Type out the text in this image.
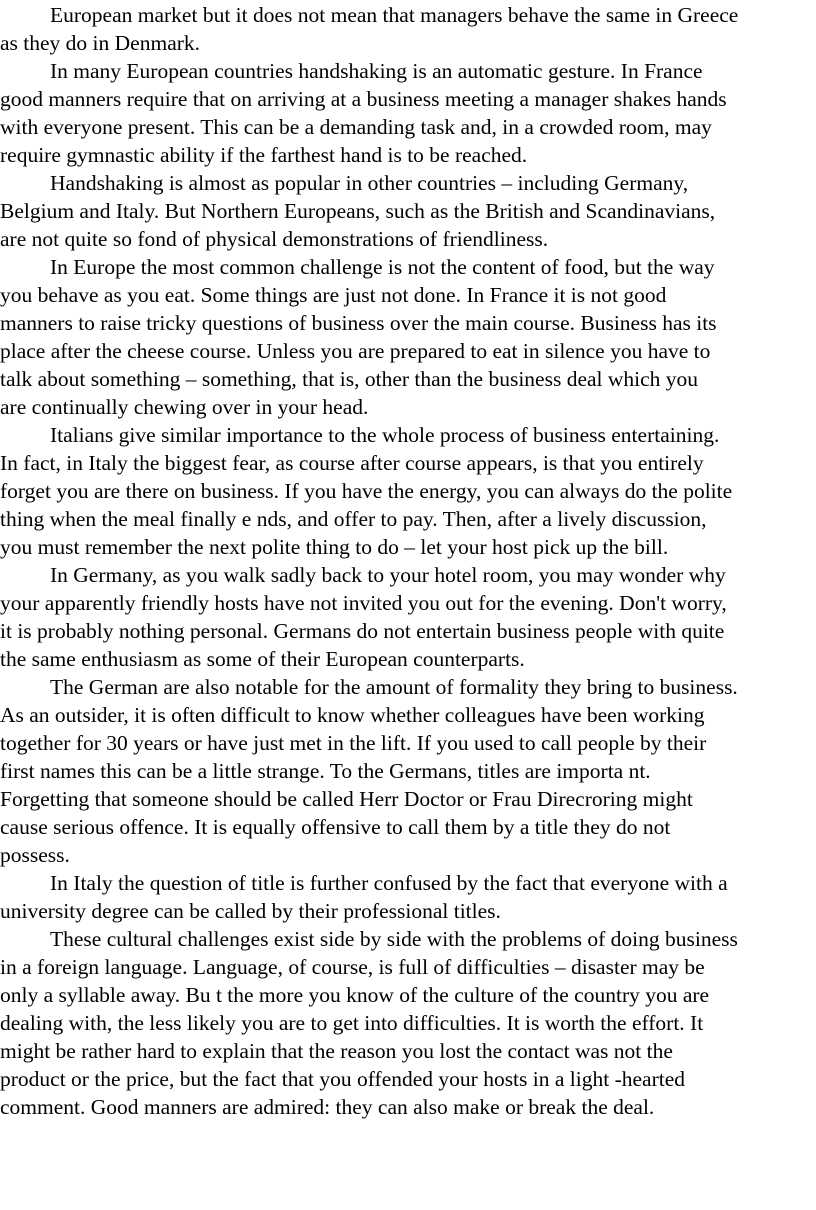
European market but it does not mean that managers behave the same in Greece
as they do in Denmark.
In many European countries handshaking is an automatic gesture. In France
good manners require that on arriving at a business meeting a manager shakes hands
with everyone present. This can be a demanding task and, in a crowded room, may
require gymnastic ability if the farthest hand is to be reached.
Handshaking is almost as popular in other countries – including Germany,
Belgium and Italy. But Northern Europeans, such as the British and Scandinavians,
are not quite so fond of physical demonstrations of friendliness.
In Europe the most common challenge is not the content of food, but the way
you behave as you eat. Some things are just not done. In France it is not good
manners to raise tricky questions of business over the main course. Business has its
place after the cheese course. Unless you are prepared to eat in silence you have to
talk about something – something, that is, other than the business deal which you
are continually chewing over in your head.
Italians give similar importance to the whole process of business entertaining.
In fact, in Italy the biggest fear, as course after course appears, is that you entirely
forget you are there on business. If you have the energy, you can always do the polite
thing when the meal finally e nds, and offer to pay. Then, after a lively discussion,
you must remember the next polite thing to do – let your host pick up the bill.
In Germany, as you walk sadly back to your hotel room, you may wonder why
your apparently friendly hosts have not invited you out for the evening. Don't worry,
it is probably nothing personal. Germans do not entertain business people with quite
the same enthusiasm as some of their European counterparts.
The German are also notable for the amount of formality they bring to business.
As an outsider, it is often difficult to know whether colleagues have been working
together for 30 years or have just met in the lift. If you used to call people by their
first names this can be a little strange. To the Germans, titles are importa nt.
Forgetting that someone should be called Herr Doctor or Frau Direcroring might
cause serious offence. It is equally offensive to call them by a title they do not
possess.
In Italy the question of title is further confused by the fact that everyone with a
university degree can be called by their professional titles.
These cultural challenges exist side by side with the problems of doing business
in a foreign language. Language, of course, is full of difficulties – disaster may be
only a syllable away. Bu t the more you know of the culture of the country you are
dealing with, the less likely you are to get into difficulties. It is worth the effort. It
might be rather hard to explain that the reason you lost the contact was not the
product or the price, but the fact that you offended your hosts in a light -hearted
comment. Good manners are admired: they can also make or break the deal.
